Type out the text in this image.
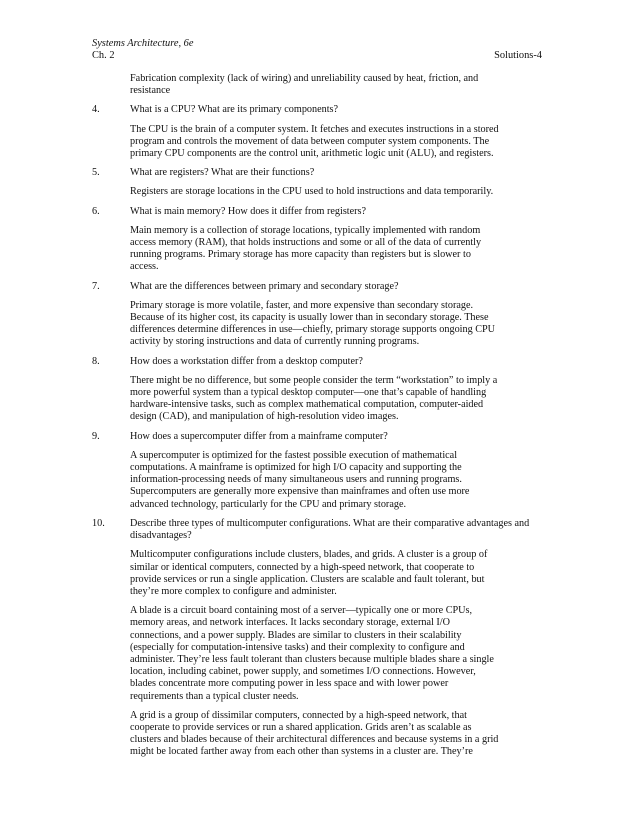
Systems Architecture, 6e
Ch. 2	Solutions-4

Fabrication complexity (lack of wiring) and unreliability caused by heat, friction, and resistance

4.	What is a CPU? What are its primary components?

The CPU is the brain of a computer system. It fetches and executes instructions in a stored program and controls the movement of data between computer system components. The primary CPU components are the control unit, arithmetic logic unit (ALU), and registers.

5.	What are registers? What are their functions?

Registers are storage locations in the CPU used to hold instructions and data temporarily.

6.	What is main memory? How does it differ from registers?

Main memory is a collection of storage locations, typically implemented with random access memory (RAM), that holds instructions and some or all of the data of currently running programs. Primary storage has more capacity than registers but is slower to access.

7.	What are the differences between primary and secondary storage?

Primary storage is more volatile, faster, and more expensive than secondary storage. Because of its higher cost, its capacity is usually lower than in secondary storage. These differences determine differences in use—chiefly, primary storage supports ongoing CPU activity by storing instructions and data of currently running programs.

8.	How does a workstation differ from a desktop computer?

There might be no difference, but some people consider the term “workstation” to imply a more powerful system than a typical desktop computer—one that’s capable of handling hardware-intensive tasks, such as complex mathematical computation, computer-aided design (CAD), and manipulation of high-resolution video images.

9.	How does a supercomputer differ from a mainframe computer?

A supercomputer is optimized for the fastest possible execution of mathematical computations. A mainframe is optimized for high I/O capacity and supporting the information-processing needs of many simultaneous users and running programs. Supercomputers are generally more expensive than mainframes and often use more advanced technology, particularly for the CPU and primary storage.

10.	Describe three types of multicomputer configurations. What are their comparative advantages and disadvantages?

Multicomputer configurations include clusters, blades, and grids. A cluster is a group of similar or identical computers, connected by a high-speed network, that cooperate to provide services or run a single application. Clusters are scalable and fault tolerant, but they’re more complex to configure and administer.

A blade is a circuit board containing most of a server—typically one or more CPUs, memory areas, and network interfaces. It lacks secondary storage, external I/O connections, and a power supply. Blades are similar to clusters in their scalability (especially for computation-intensive tasks) and their complexity to configure and administer. They’re less fault tolerant than clusters because multiple blades share a single location, including cabinet, power supply, and sometimes I/O connections. However, blades concentrate more computing power in less space and with lower power requirements than a typical cluster needs.

A grid is a group of dissimilar computers, connected by a high-speed network, that cooperate to provide services or run a shared application. Grids aren’t as scalable as clusters and blades because of their architectural differences and because systems in a grid might be located farther away from each other than systems in a cluster are. They’re
